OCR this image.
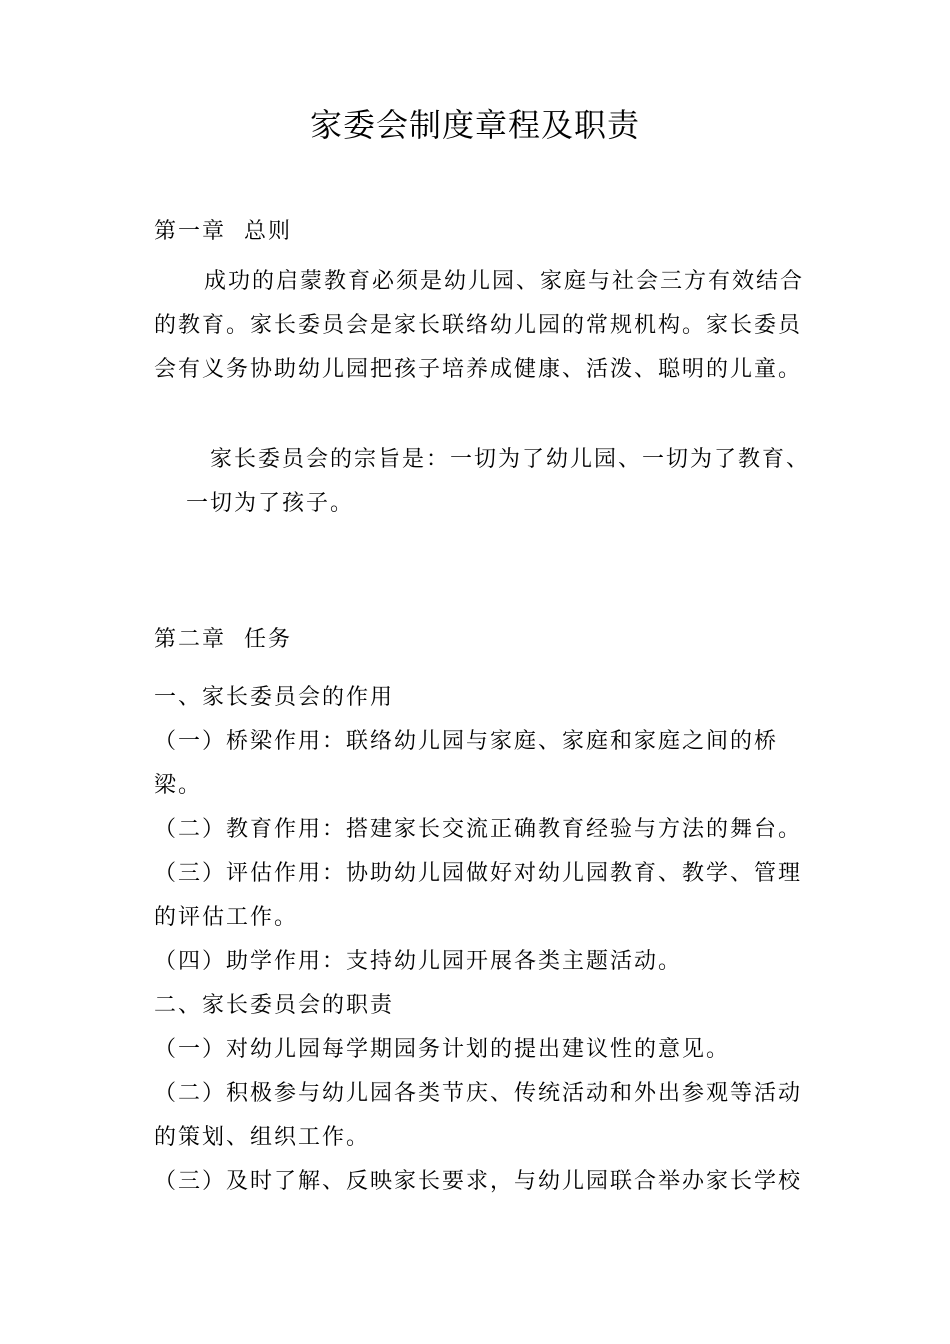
家委会制度章程及职责
第一章  总则
成功的启蒙教育必须是幼儿园、家庭与社会三方有效结合的教育。家长委员会是家长联络幼儿园的常规机构。家长委员会有义务协助幼儿园把孩子培养成健康、活泼、聪明的儿童。
家长委员会的宗旨是：一切为了幼儿园、一切为了教育、一切为了孩子。
第二章  任务

一、家长委员会的作用

（一）桥梁作用：联络幼儿园与家庭、家庭和家庭之间的桥梁。

（二）教育作用：搭建家长交流正确教育经验与方法的舞台。

（三）评估作用：协助幼儿园做好对幼儿园教育、教学、管理的评估工作。

（四）助学作用：支持幼儿园开展各类主题活动。

二、家长委员会的职责

（一）对幼儿园每学期园务计划的提出建议性的意见。

（二）积极参与幼儿园各类节庆、传统活动和外出参观等活动的策划、组织工作。

（三）及时了解、反映家长要求，与幼儿园联合举办家长学校
